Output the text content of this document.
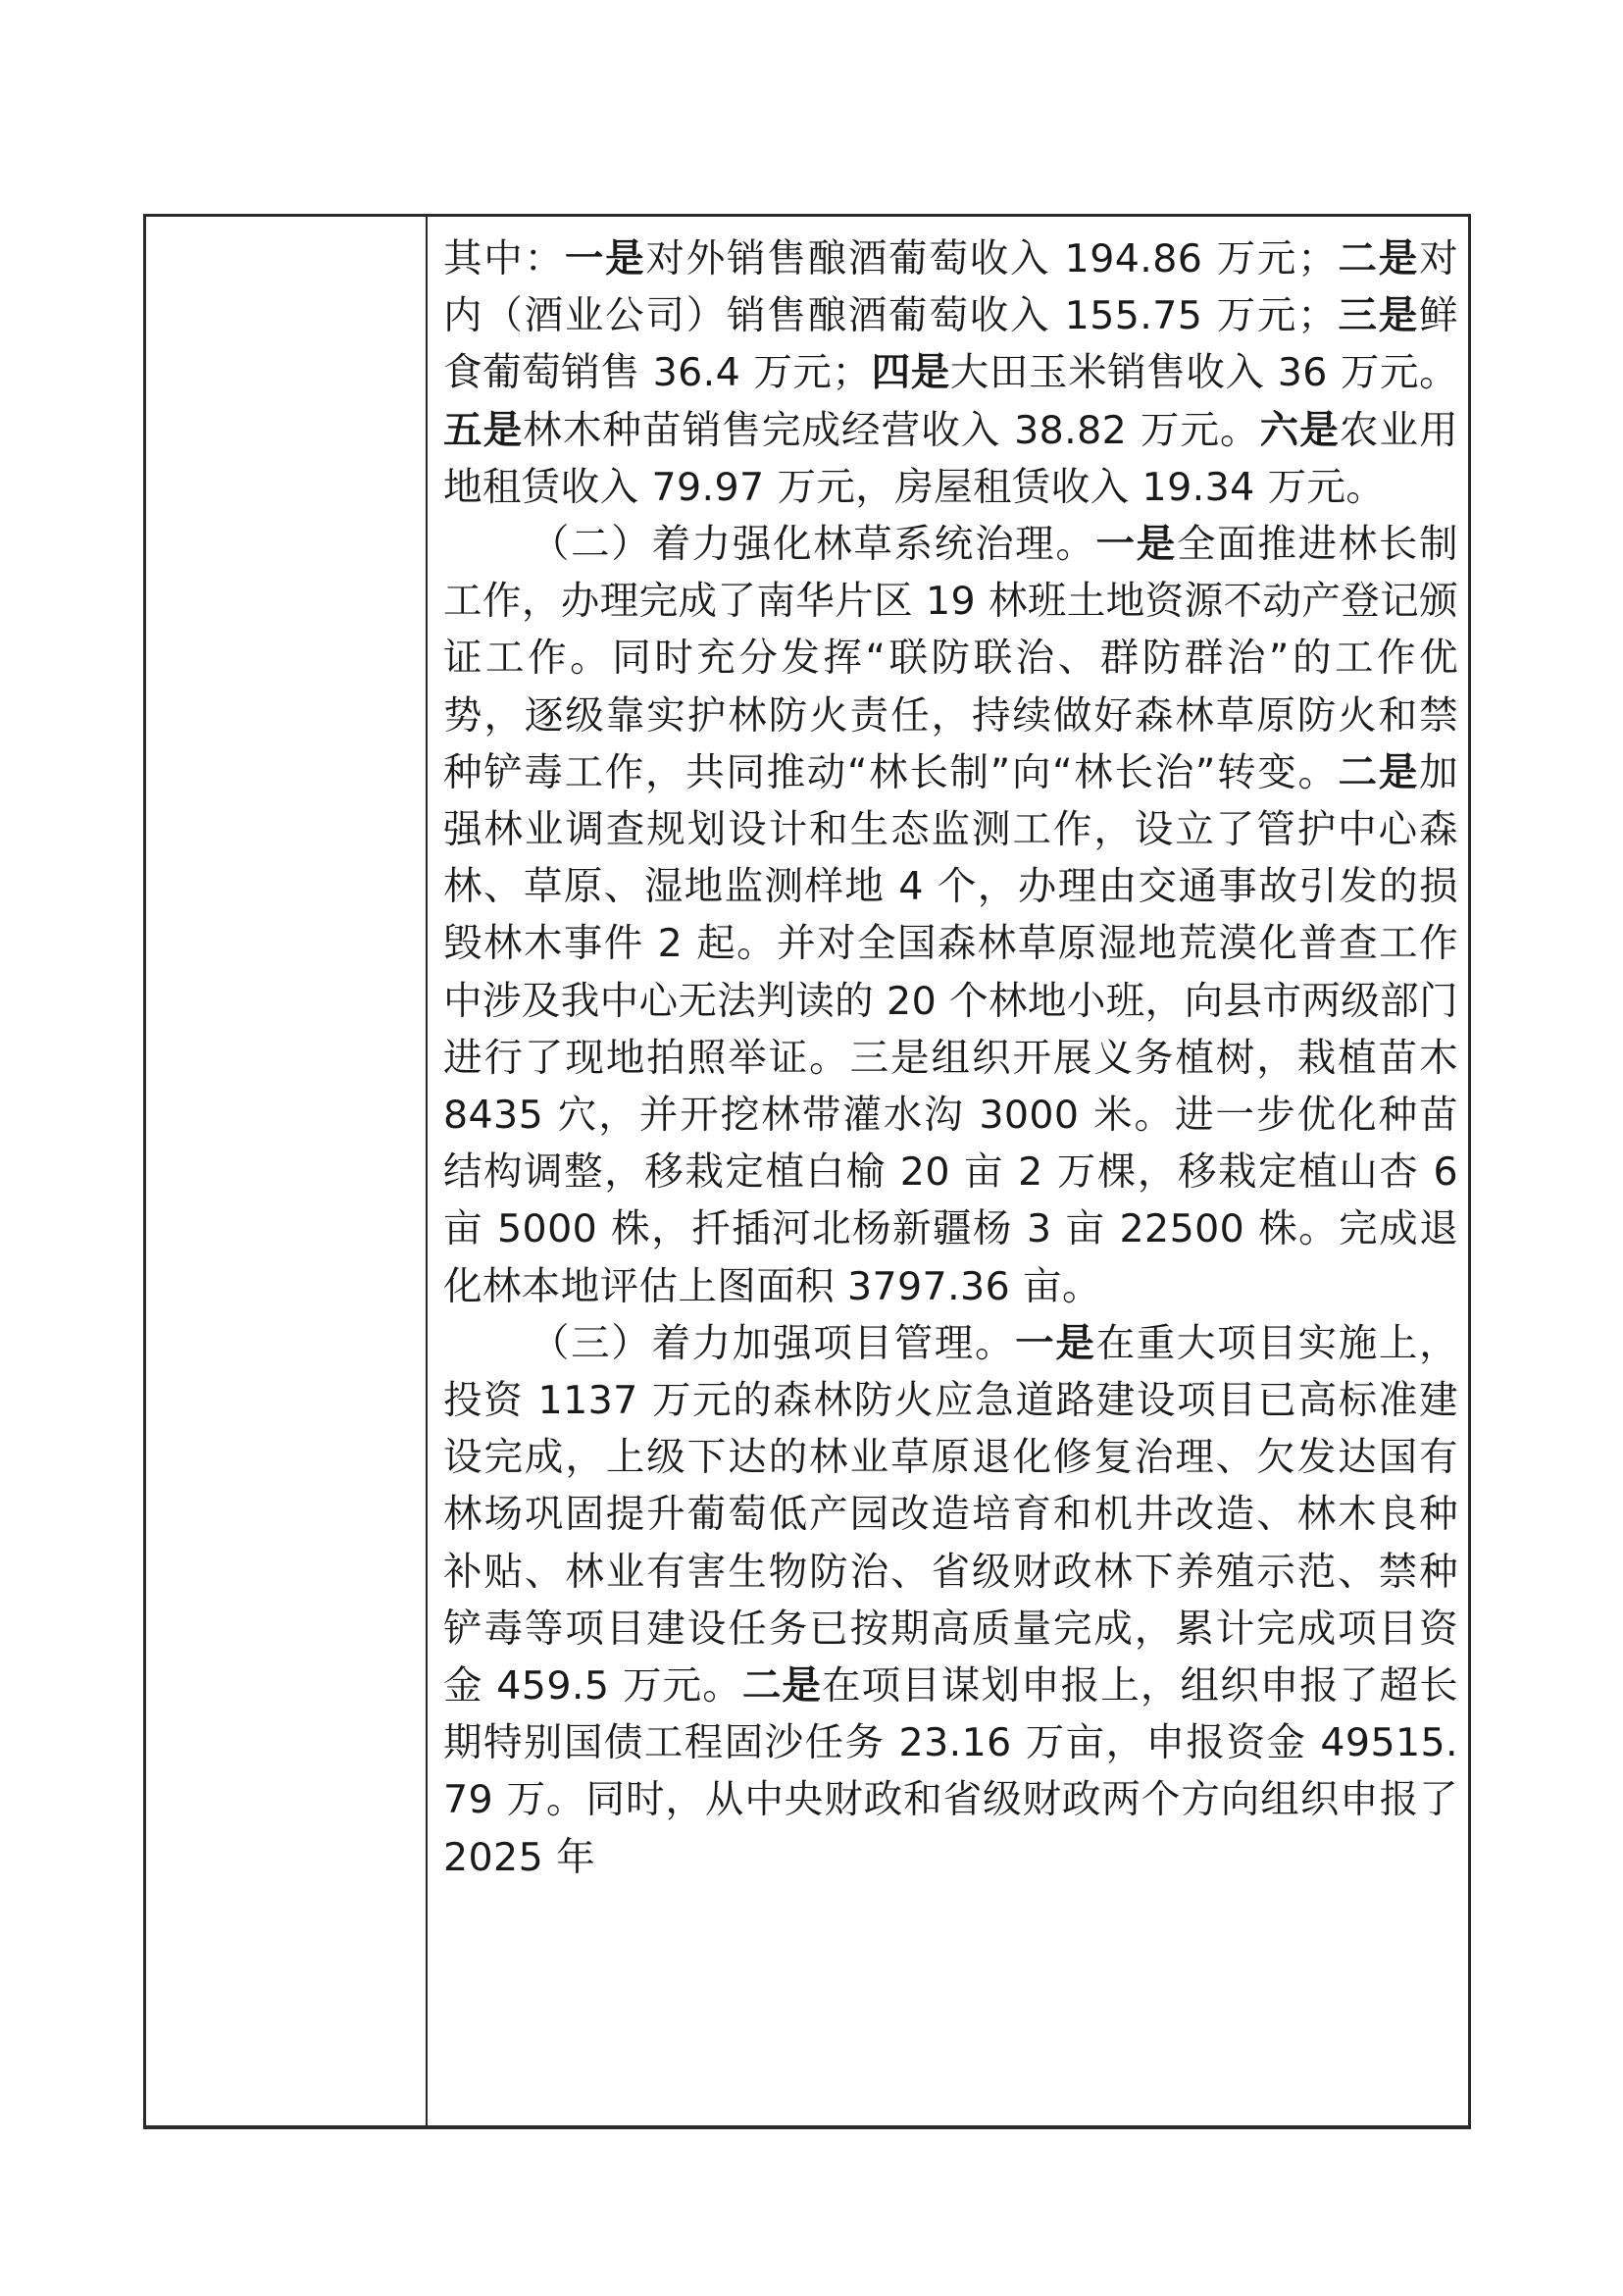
其中：一是对外销售酿酒葡萄收入 194.86 万元；二是对内（酒业公司）销售酿酒葡萄收入 155.75 万元；三是鲜食葡萄销售 36.4 万元；四是大田玉米销售收入 36 万元。五是林木种苗销售完成经营收入 38.82 万元。六是农业用地租赁收入 79.97 万元，房屋租赁收入 19.34 万元。

（二）着力强化林草系统治理。一是全面推进林长制工作，办理完成了南华片区 19 林班土地资源不动产登记颁证工作。同时充分发挥“联防联治、群防群治”的工作优势，逐级靠实护林防火责任，持续做好森林草原防火和禁种铲毒工作，共同推动“林长制”向“林长治”转变。二是加强林业调查规划设计和生态监测工作，设立了管护中心森林、草原、湿地监测样地 4 个，办理由交通事故引发的损毁林木事件 2 起。并对全国森林草原湿地荒漠化普查工作中涉及我中心无法判读的 20 个林地小班，向县市两级部门进行了现地拍照举证。三是组织开展义务植树，栽植苗木 8435 穴，并开挖林带灌水沟 3000 米。进一步优化种苗结构调整，移栽定植白榆 20 亩 2 万棵，移栽定植山杏 6 亩 5000 株，扦插河北杨新疆杨 3 亩 22500 株。完成退化林本地评估上图面积 3797.36 亩。

（三）着力加强项目管理。一是在重大项目实施上，投资 1137 万元的森林防火应急道路建设项目已高标准建设完成，上级下达的林业草原退化修复治理、欠发达国有林场巩固提升葡萄低产园改造培育和机井改造、林木良种补贴、林业有害生物防治、省级财政林下养殖示范、禁种铲毒等项目建设任务已按期高质量完成，累计完成项目资金 459.5 万元。二是在项目谋划申报上，组织申报了超长期特别国债工程固沙任务 23.16 万亩，申报资金 49515.79 万。同时，从中央财政和省级财政两个方向组织申报了 2025 年
